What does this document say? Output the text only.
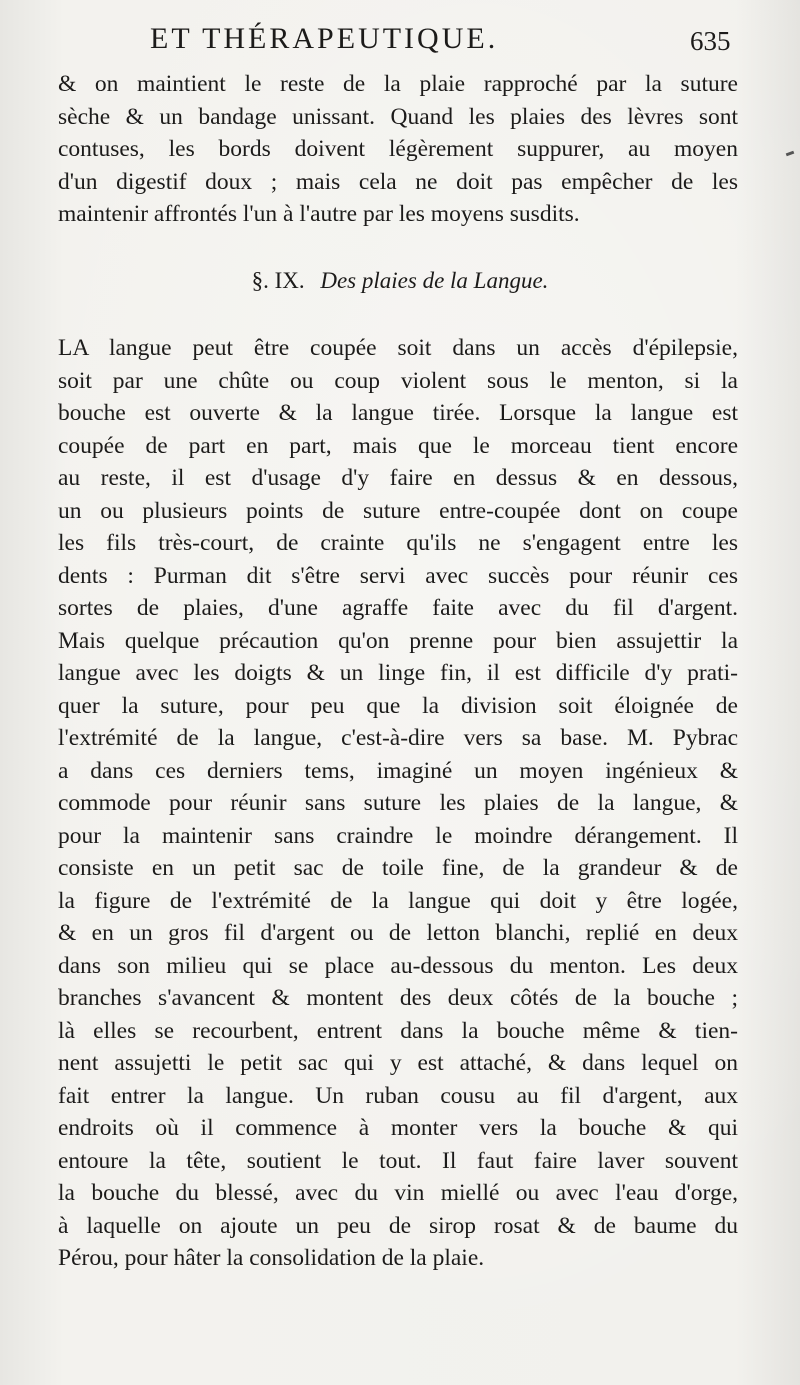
ET THÉRAPEUTIQUE.	635
& on maintient le reste de la plaie rapproché par la suture
sèche & un bandage unissant. Quand les plaies des lèvres sont
contuses, les bords doivent légèrement suppurer, au moyen
d'un digestif doux ; mais cela ne doit pas empêcher de les
maintenir affrontés l'un à l'autre par les moyens susdits.
§. IX. Des plaies de la Langue.
LA langue peut être coupée soit dans un accès d'épilepsie,
soit par une chûte ou coup violent sous le menton, si la
bouche est ouverte & la langue tirée. Lorsque la langue est
coupée de part en part, mais que le morceau tient encore
au reste, il est d'usage d'y faire en dessus & en dessous,
un ou plusieurs points de suture entre-coupée dont on coupe
les fils très-court, de crainte qu'ils ne s'engagent entre les
dents : Purman dit s'être servi avec succès pour réunir ces
sortes de plaies, d'une agraffe faite avec du fil d'argent.
Mais quelque précaution qu'on prenne pour bien assujettir la
langue avec les doigts & un linge fin, il est difficile d'y prati-
quer la suture, pour peu que la division soit éloignée de
l'extrémité de la langue, c'est-à-dire vers sa base. M. Pybrac
a dans ces derniers tems, imaginé un moyen ingénieux &
commode pour réunir sans suture les plaies de la langue, &
pour la maintenir sans craindre le moindre dérangement. Il
consiste en un petit sac de toile fine, de la grandeur & de
la figure de l'extrémité de la langue qui doit y être logée,
& en un gros fil d'argent ou de letton blanchi, replié en deux
dans son milieu qui se place au-dessous du menton. Les deux
branches s'avancent & montent des deux côtés de la bouche ;
là elles se recourbent, entrent dans la bouche même & tien-
nent assujetti le petit sac qui y est attaché, & dans lequel on
fait entrer la langue. Un ruban cousu au fil d'argent, aux
endroits où il commence à monter vers la bouche & qui
entoure la tête, soutient le tout. Il faut faire laver souvent
la bouche du blessé, avec du vin miellé ou avec l'eau d'orge,
à laquelle on ajoute un peu de sirop rosat & de baume du
Pérou, pour hâter la consolidation de la plaie.
